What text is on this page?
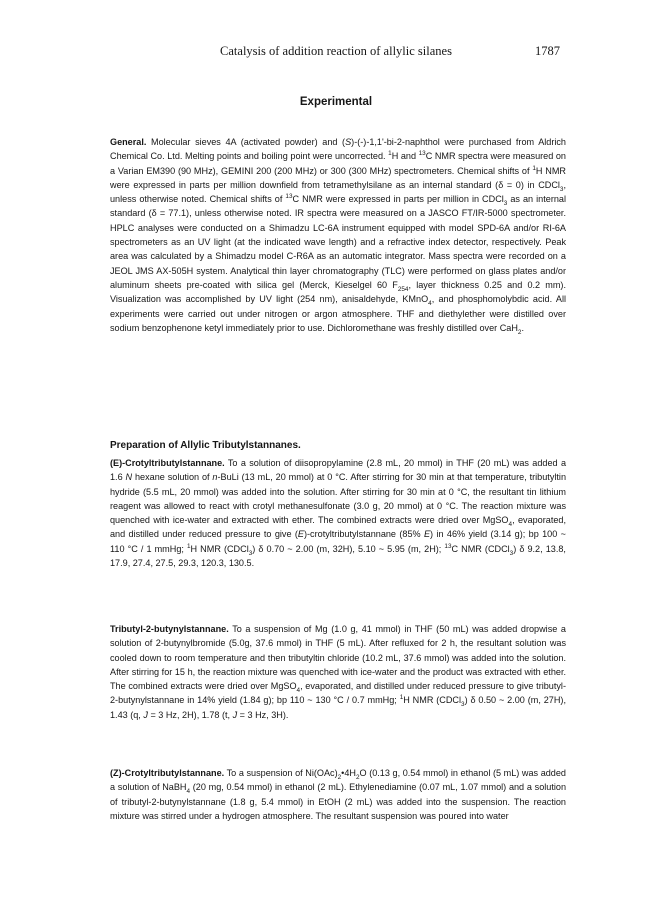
Catalysis of addition reaction of allylic silanes	1787
Experimental

General. Molecular sieves 4A (activated powder) and (S)-(-)-1,1'-bi-2-naphthol were purchased from Aldrich Chemical Co. Ltd. Melting points and boiling point were uncorrected. $^1$H and $^{13}$C NMR spectra were measured on a Varian EM390 (90 MHz), GEMINI 200 (200 MHz) or 300 (300 MHz) spectrometers. Chemical shifts of $^1$H NMR were expressed in parts per million downfield from tetramethylsilane as an internal standard (δ = 0) in CDCl$_3$, unless otherwise noted. Chemical shifts of $^{13}$C NMR were expressed in parts per million in CDCl$_3$ as an internal standard (δ = 77.1), unless otherwise noted. IR spectra were measured on a JASCO FT/IR-5000 spectrometer. HPLC analyses were conducted on a Shimadzu LC-6A instrument equipped with model SPD-6A and/or RI-6A spectrometers as an UV light (at the indicated wave length) and a refractive index detector, respectively. Peak area was calculated by a Shimadzu model C-R6A as an automatic integrator. Mass spectra were recorded on a JEOL JMS AX-505H system. Analytical thin layer chromatography (TLC) were performed on glass plates and/or aluminum sheets pre-coated with silica gel (Merck, Kieselgel 60 $F_{254}$, layer thickness 0.25 and 0.2 mm). Visualization was accomplished by UV light (254 nm), anisaldehyde, KMnO$_4$, and phosphomolybdic acid. All experiments were carried out under nitrogen or argon atmosphere. THF and diethylether were distilled over sodium benzophenone ketyl immediately prior to use. Dichloromethane was freshly distilled over CaH$_2$.

Preparation of Allylic Tributylstannanes.

(E)-Crotyltributylstannane. To a solution of diisopropylamine (2.8 mL, 20 mmol) in THF (20 mL) was added a 1.6 N hexane solution of n-BuLi (13 mL, 20 mmol) at 0 °C. After stirring for 30 min at that temperature, tributyltin hydride (5.5 mL, 20 mmol) was added into the solution. After stirring for 30 min at 0 °C, the resultant tin lithium reagent was allowed to react with crotyl methanesulfonate (3.0 g, 20 mmol) at 0 °C. The reaction mixture was quenched with ice-water and extracted with ether. The combined extracts were dried over MgSO$_4$, evaporated, and distilled under reduced pressure to give (E)-crotyltributylstannane (85% E) in 46% yield (3.14 g); bp 100 ~ 110 °C / 1 mmHg; $^1$H NMR (CDCl$_3$) δ 0.70 ~ 2.00 (m, 32H), 5.10 ~ 5.95 (m, 2H); $^{13}$C NMR (CDCl$_3$) δ 9.2, 13.8, 17.9, 27.4, 27.5, 29.3, 120.3, 130.5.

Tributyl-2-butynylstannane. To a suspension of Mg (1.0 g, 41 mmol) in THF (50 mL) was added dropwise a solution of 2-butynylbromide (5.0g, 37.6 mmol) in THF (5 mL). After refluxed for 2 h, the resultant solution was cooled down to room temperature and then tributyltin chloride (10.2 mL, 37.6 mmol) was added into the solution. After stirring for 15 h, the reaction mixture was quenched with ice-water and the product was extracted with ether. The combined extracts were dried over MgSO$_4$, evaporated, and distilled under reduced pressure to give tributyl-2-butynylstannane in 14% yield (1.84 g); bp 110 ~ 130 °C / 0.7 mmHg; $^1$H NMR (CDCl$_3$) δ 0.50 ~ 2.00 (m, 27H), 1.43 (q, J = 3 Hz, 2H), 1.78 (t, J = 3 Hz, 3H).

(Z)-Crotyltributylstannane. To a suspension of $Ni(OAc)_2•4H_2O$ (0.13 g, 0.54 mmol) in ethanol (5 mL) was added a solution of NaBH$_4$ (20 mg, 0.54 mmol) in ethanol (2 mL). Ethylenediamine (0.07 mL, 1.07 mmol) and a solution of tributyl-2-butynylstannane (1.8 g, 5.4 mmol) in EtOH (2 mL) was added into the suspension. The reaction mixture was stirred under a hydrogen atmosphere. The resultant suspension was poured into water
